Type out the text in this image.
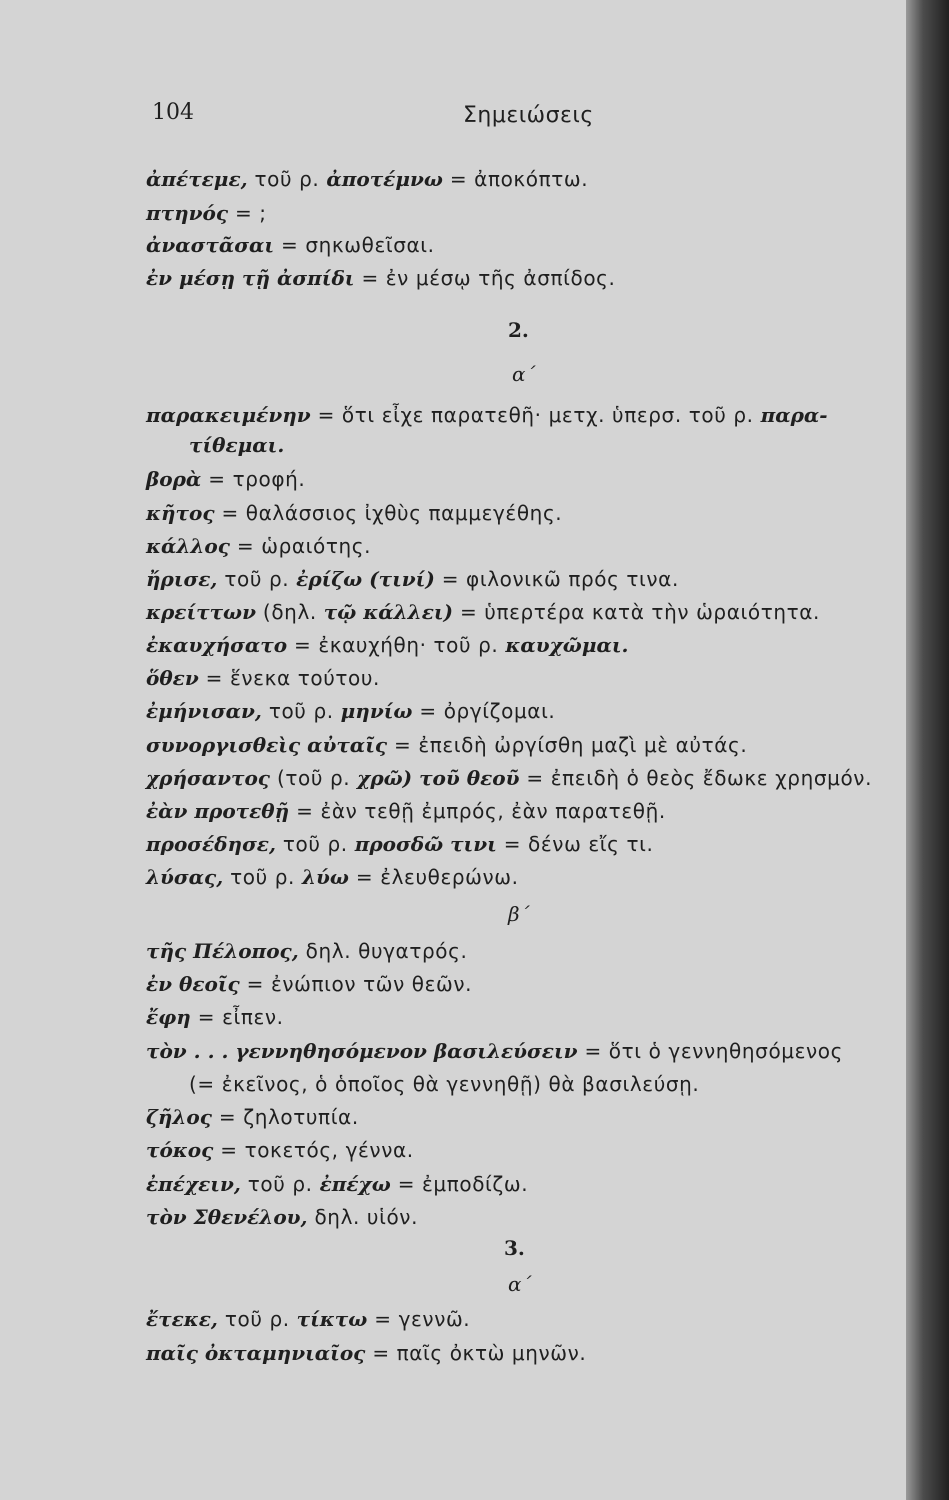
104	Σημειώσεις
ἀπέτεμε, τοῦ ρ. ἀποτέμνω = ἀποκόπτω.
πτηνός = ;
ἀναστᾶσαι = σηκωθεῖσαι.
ἐν μέσῃ τῇ ἀσπίδι = ἐν μέσῳ τῆς ἀσπίδος.
2.
α΄
παρακειμένην = ὅτι εἶχε παρατεθῆ· μετχ. ὑπερσ. τοῦ ρ. παρα-
τίθεμαι.
βορὰ = τροφή.
κῆτος = θαλάσσιος ἰχθὺς παμμεγέθης.
κάλλος = ὡραιότης.
ἤρισε, τοῦ ρ. ἐρίζω (τινί) = φιλονικῶ πρός τινα.
κρείττων (δηλ. τῷ κάλλει) = ὑπερτέρα κατὰ τὴν ὡραιότητα.
ἐκαυχήσατο = ἐκαυχήθη· τοῦ ρ. καυχῶμαι.
ὅθεν = ἕνεκα τούτου.
ἐμήνισαν, τοῦ ρ. μηνίω = ὀργίζομαι.
συνοργισθεὶς αὐταῖς = ἐπειδὴ ὠργίσθη μαζὶ μὲ αὐτάς.
χρήσαντος (τοῦ ρ. χρῶ) τοῦ θεοῦ = ἐπειδὴ ὁ θεὸς ἔδωκε χρησμόν.
ἐὰν προτεθῇ = ἐὰν τεθῇ ἐμπρός, ἐὰν παρατεθῇ.
προσέδησε, τοῦ ρ. προσδῶ τινι = δένω εἴς τι.
λύσας, τοῦ ρ. λύω = ἐλευθερώνω.
β΄
τῆς Πέλοπος, δηλ. θυγατρός.
ἐν θεοῖς = ἐνώπιον τῶν θεῶν.
ἔφη = εἶπεν.
τὸν . . . γεννηθησόμενον βασιλεύσειν = ὅτι ὁ γεννηθησόμενος
(= ἐκεῖνος, ὁ ὁποῖος θὰ γεννηθῇ) θὰ βασιλεύσῃ.
ζῆλος = ζηλοτυπία.
τόκος = τοκετός, γέννα.
ἐπέχειν, τοῦ ρ. ἐπέχω = ἐμποδίζω.
τὸν Σθενέλου, δηλ. υἱόν.
3.
α΄
ἔτεκε, τοῦ ρ. τίκτω = γεννῶ.
παῖς ὀκταμηνιαῖος = παῖς ὀκτὼ μηνῶν.
